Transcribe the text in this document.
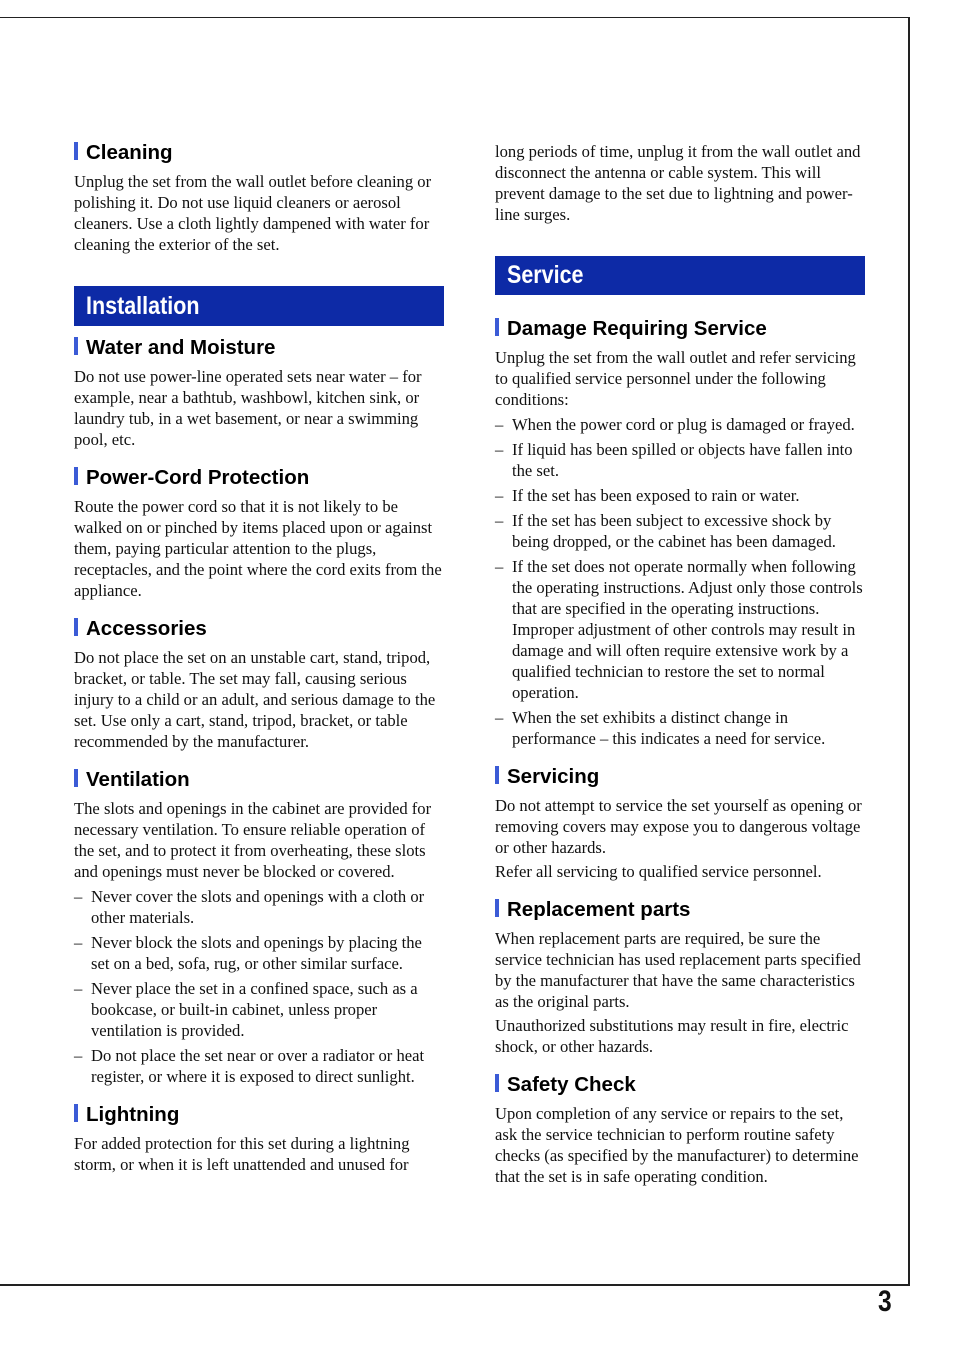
3
Cleaning

Unplug the set from the wall outlet before cleaning or polishing it. Do not use liquid cleaners or aerosol cleaners. Use a cloth lightly dampened with water for cleaning the exterior of the set.

Installation
Water and Moisture

Do not use power-line operated sets near water – for example, near a bathtub, washbowl, kitchen sink, or laundry tub, in a wet basement, or near a swimming pool, etc.

Power-Cord Protection

Route the power cord so that it is not likely to be walked on or pinched by items placed upon or against them, paying particular attention to the plugs, receptacles, and the point where the cord exits from the appliance.

Accessories

Do not place the set on an unstable cart, stand, tripod, bracket, or table. The set may fall, causing serious injury to a child or an adult, and serious damage to the set. Use only a cart, stand, tripod, bracket, or table recommended by the manufacturer.

Ventilation

The slots and openings in the cabinet are provided for necessary ventilation. To ensure reliable operation of the set, and to protect it from overheating, these slots and openings must never be blocked or covered.

– Never cover the slots and openings with a cloth or other materials.
– Never block the slots and openings by placing the set on a bed, sofa, rug, or other similar surface.
– Never place the set in a confined space, such as a bookcase, or built-in cabinet, unless proper ventilation is provided.
– Do not place the set near or over a radiator or heat register, or where it is exposed to direct sunlight.
Lightning

For added protection for this set during a lightning storm, or when it is left unattended and unused for

long periods of time, unplug it from the wall outlet and disconnect the antenna or cable system. This will prevent damage to the set due to lightning and power-line surges.

Service
Damage Requiring Service

Unplug the set from the wall outlet and refer servicing to qualified service personnel under the following conditions:

– When the power cord or plug is damaged or frayed.
– If liquid has been spilled or objects have fallen into the set.
– If the set has been exposed to rain or water.
– If the set has been subject to excessive shock by being dropped, or the cabinet has been damaged.
– If the set does not operate normally when following the operating instructions. Adjust only those controls that are specified in the operating instructions. Improper adjustment of other controls may result in damage and will often require extensive work by a qualified technician to restore the set to normal operation.
– When the set exhibits a distinct change in performance – this indicates a need for service.
Servicing

Do not attempt to service the set yourself as opening or removing covers may expose you to dangerous voltage or other hazards.

Refer all servicing to qualified service personnel.

Replacement parts

When replacement parts are required, be sure the service technician has used replacement parts specified by the manufacturer that have the same characteristics as the original parts.

Unauthorized substitutions may result in fire, electric shock, or other hazards.

Safety Check

Upon completion of any service or repairs to the set, ask the service technician to perform routine safety checks (as specified by the manufacturer) to determine that the set is in safe operating condition.
